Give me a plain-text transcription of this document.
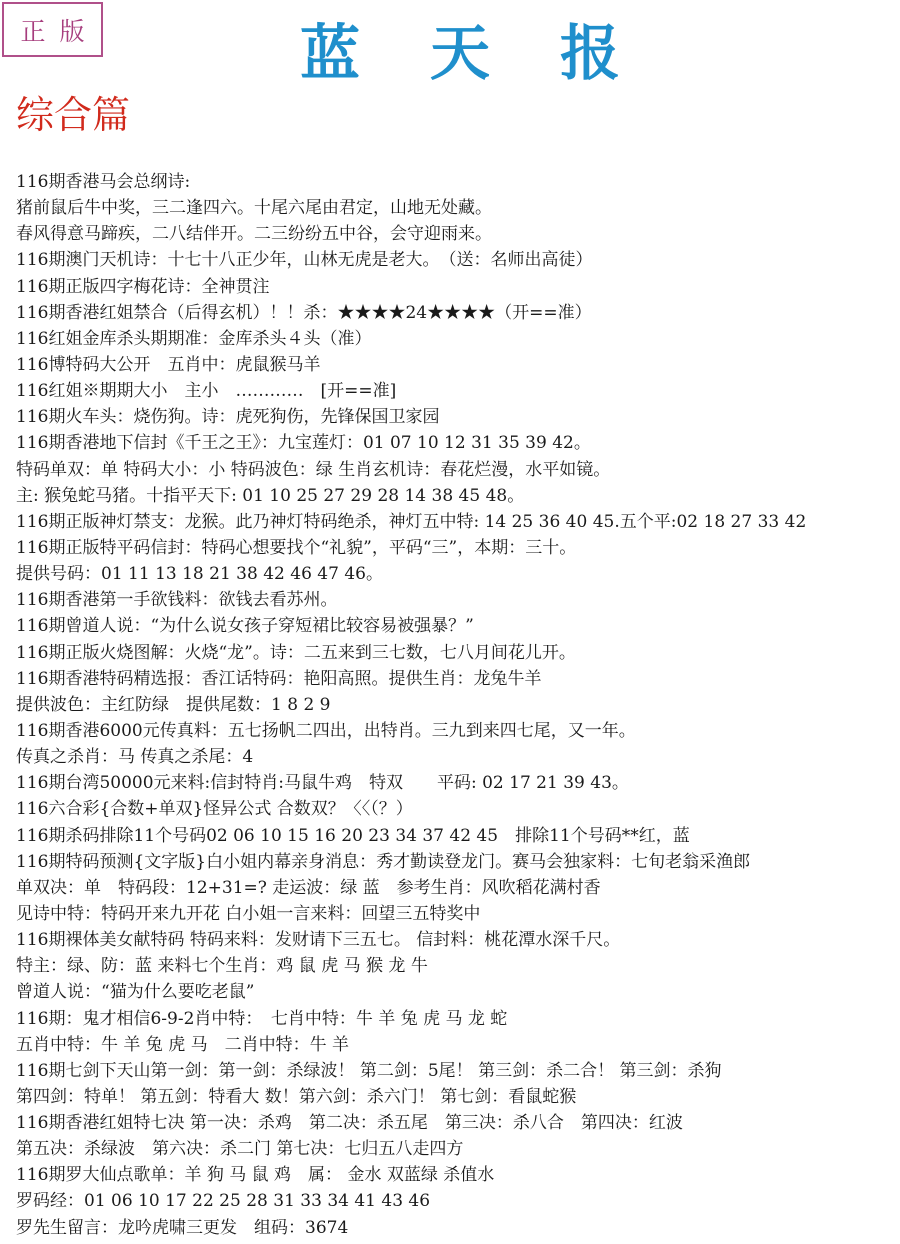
正版	蓝 天 报
综合篇
116期香港马会总纲诗:
猪前鼠后牛中奖，三二逢四六。十尾六尾由君定，山地无处藏。
春风得意马蹄疾，二八结伴开。二三纷纷五中谷，会守迎雨来。
116期澳门天机诗：十七十八正少年，山林无虎是老大。　（送：名师出高徒）
116期正版四字梅花诗：全神贯注
116期香港红姐禁合（后得玄机）！！杀：★★★★24★★★★（开==准）
116红姐金库杀头期期准：金库杀头４头（准）
116博特码大公开　五肖中：虎鼠猴马羊
116红姐※期期大小　主小　…………　[开==准]
116期火车头：烧伤狗。诗：虎死狗伤，先锋保国卫家园
116期香港地下信封《千王之王》：九宝莲灯：01 07 10 12 31 35 39 42。
特码单双：单 特码大小：小 特码波色：绿 生肖玄机诗：春花烂漫，水平如镜。
主: 猴兔蛇马猪。十指平天下: 01 10 25 27 29 28 14 38 45 48。
116期正版神灯禁支：龙猴。此乃神灯特码绝杀，神灯五中特: 14 25 36 40 45.五个平:02 18 27 33 42
116期正版特平码信封：特码心想要找个“礼貌”，平码“三”，本期：三十。
提供号码：01 11 13 18 21 38 42 46 47 46。
116期香港第一手欲钱料：欲钱去看苏州。
116期曾道人说：“为什么说女孩子穿短裙比较容易被强暴？”
116期正版火烧图解：火烧“龙”。诗：二五来到三七数，七八月间花儿开。
116期香港特码精选报：香江话特码：艳阳高照。提供生肖：龙兔牛羊
提供波色：主红防绿　提供尾数：1 8 2 9
116期香港6000元传真料：五七扬帆二四出，出特肖。三九到来四七尾，又一年。
传真之杀肖：马 传真之杀尾：4
116期台湾50000元来料:信封特肖:马鼠牛鸡　特双　　平码: 02 17 21 39 43。
116六合彩{合数+单双}怪异公式 合数双？〈〈（？）
116期杀码排除11个号码02 06 10 15 16 20 23 34 37 42 45　排除11个号码**红，蓝
116期特码预测{文字版}白小姐内幕亲身消息：秀才勤读登龙门。赛马会独家料：七旬老翁采渔郎
单双决：单　特码段：12+31=? 走运波：绿 蓝　参考生肖：风吹稻花满村香
见诗中特：特码开来九开花 白小姐一言来料：回望三五特奖中
116期裸体美女献特码 特码来料：发财请下三五七。 信封料：桃花潭水深千尺。
特主：绿、防：蓝 来料七个生肖：鸡 鼠 虎 马 猴 龙 牛
曾道人说：“猫为什么要吃老鼠”
116期：鬼才相信6-9-2肖中特：　七肖中特：牛 羊 兔 虎 马 龙 蛇
五肖中特：牛 羊 兔 虎 马　二肖中特：牛 羊
116期七剑下天山第一剑：第一剑：杀绿波！ 第二剑：5尾！ 第三剑：杀二合！ 第三剑：杀狗
第四剑：特单！ 第五剑：特看大 数！第六剑：杀六门！ 第七剑：看鼠蛇猴
116期香港红姐特七决 第一决：杀鸡　第二决：杀五尾　第三决：杀八合　第四决：红波
第五决：杀绿波　第六决：杀二门 第七决：七归五八走四方
116期罗大仙点歌单：羊 狗 马 鼠 鸡　属： 金水 双蓝绿 杀值水
罗码经：01 06 10 17 22 25 28 31 33 34 41 43 46
罗先生留言：龙吟虎啸三更发　组码：3674
